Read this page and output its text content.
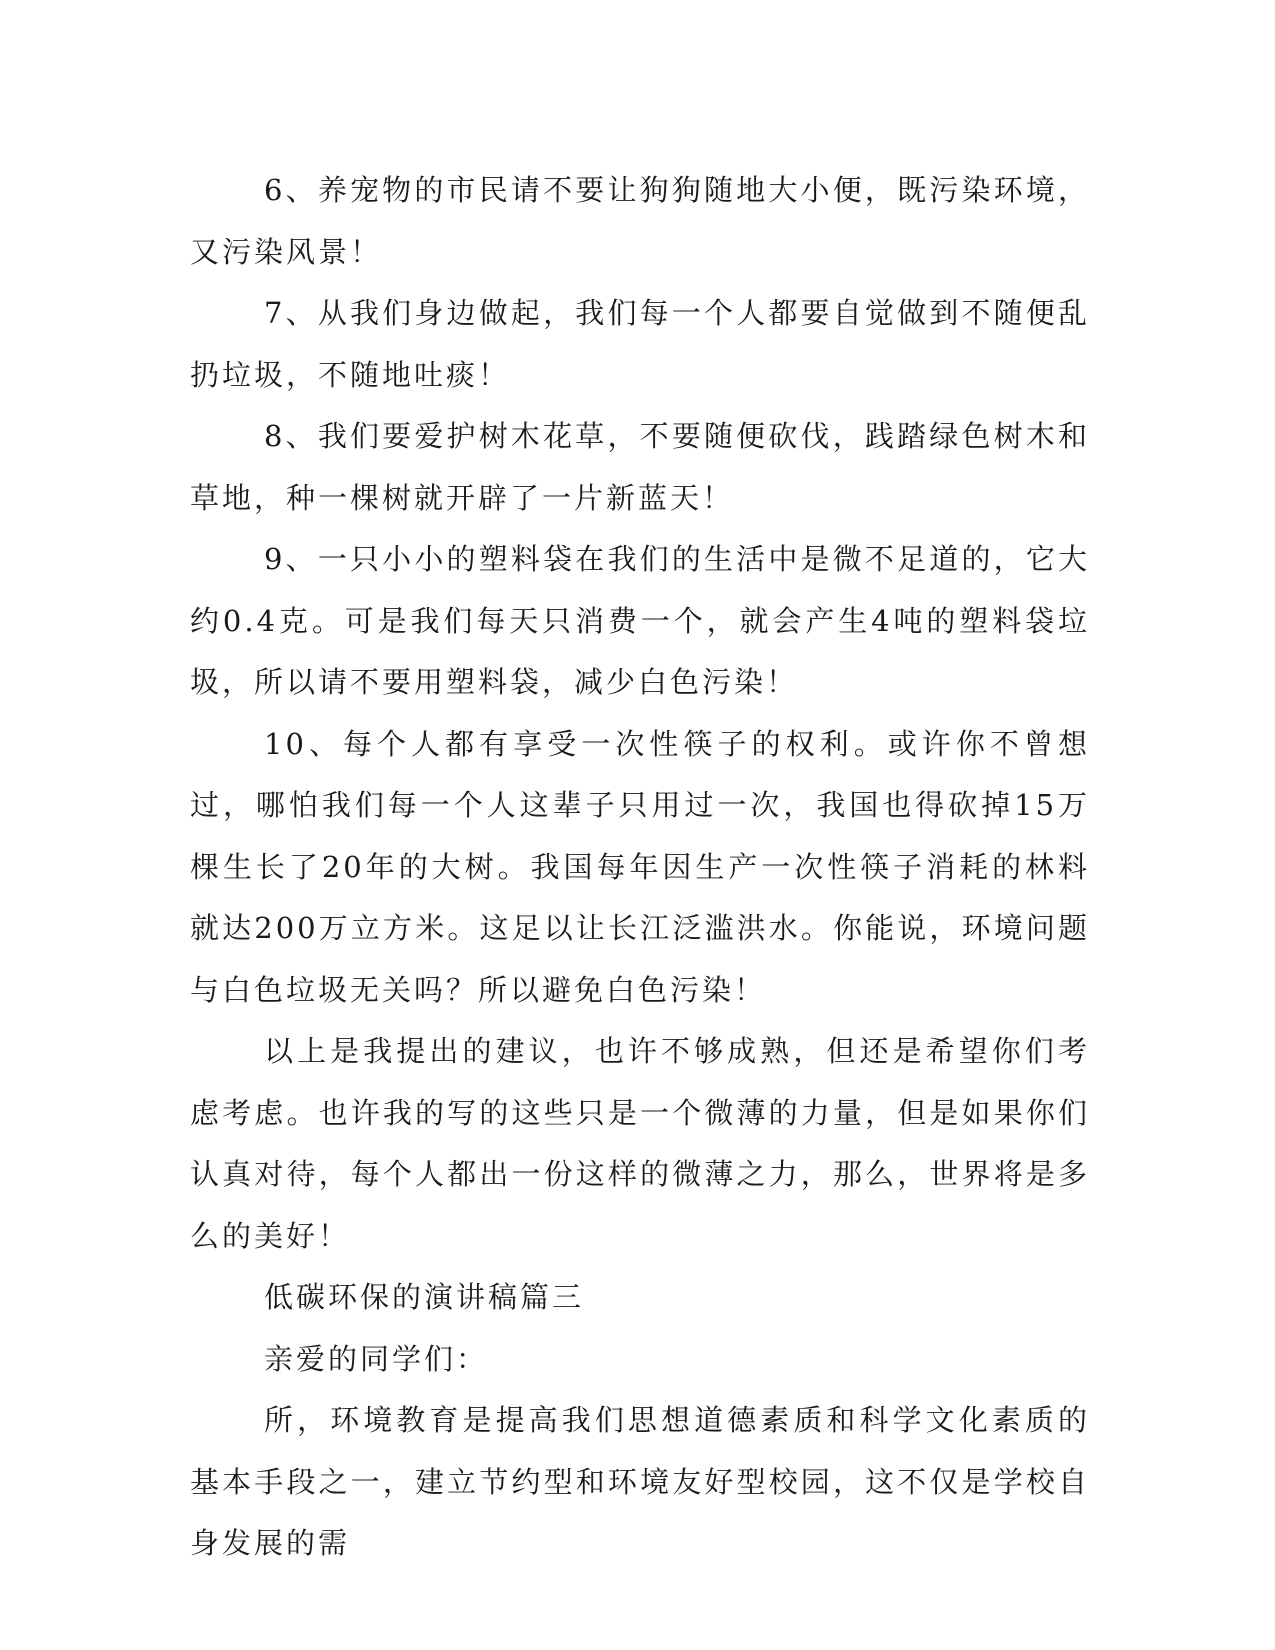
6、养宠物的市民请不要让狗狗随地大小便，既污染环境，又污染风景！

7、从我们身边做起，我们每一个人都要自觉做到不随便乱扔垃圾，不随地吐痰！

8、我们要爱护树木花草，不要随便砍伐，践踏绿色树木和草地，种一棵树就开辟了一片新蓝天！

9、一只小小的塑料袋在我们的生活中是微不足道的，它大约0.4克。可是我们每天只消费一个，就会产生4吨的塑料袋垃圾，所以请不要用塑料袋，减少白色污染！

10、每个人都有享受一次性筷子的权利。或许你不曾想过，哪怕我们每一个人这辈子只用过一次，我国也得砍掉15万棵生长了20年的大树。我国每年因生产一次性筷子消耗的林料就达200万立方米。这足以让长江泛滥洪水。你能说，环境问题与白色垃圾无关吗？所以避免白色污染！

以上是我提出的建议，也许不够成熟，但还是希望你们考虑考虑。也许我的写的这些只是一个微薄的力量，但是如果你们认真对待，每个人都出一份这样的微薄之力，那么，世界将是多么的美好！

低碳环保的演讲稿篇三

亲爱的同学们：

所，环境教育是提高我们思想道德素质和科学文化素质的基本手段之一，建立节约型和环境友好型校园，这不仅是学校自身发展的需
